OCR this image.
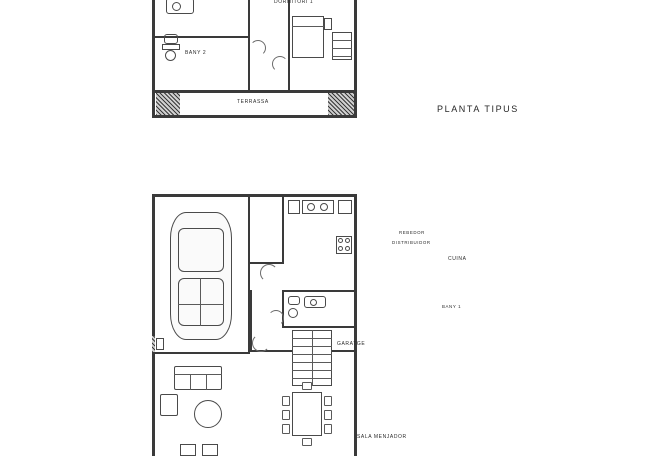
PLANTA TIPUS
DORMITORI 1
BANY 2
TERRASSA
REBEDOR
DISTRIBUIDOR
CUINA
BANY 1
GARATGE
SALA MENJADOR
